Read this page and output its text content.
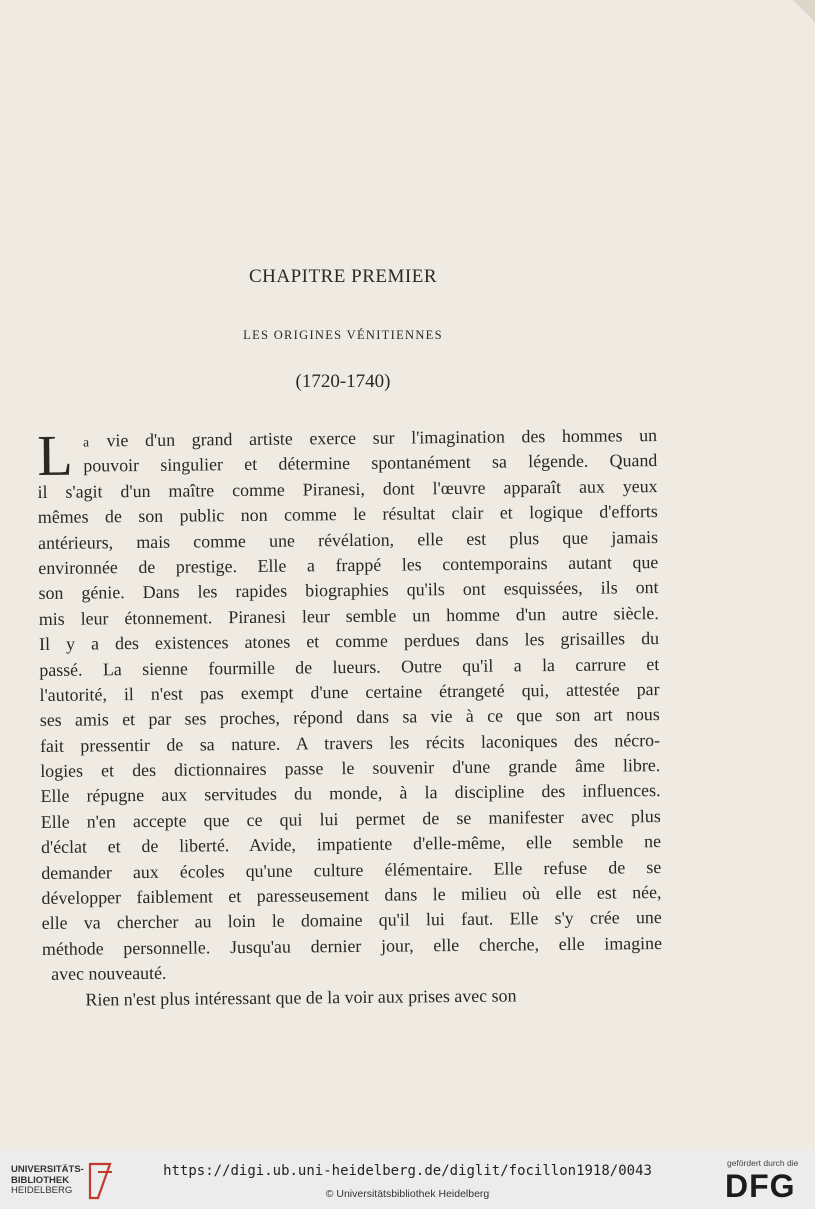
CHAPITRE PREMIER
LES ORIGINES VÉNITIENNES
(1720-1740)
L a vie d'un grand artiste exerce sur l'imagination des hommes un
pouvoir singulier et détermine spontanément sa légende. Quand
il s'agit d'un maître comme Piranesi, dont l'œuvre apparaît aux yeux
mêmes de son public non comme le résultat clair et logique d'efforts
antérieurs, mais comme une révélation, elle est plus que jamais
environnée de prestige. Elle a frappé les contemporains autant que
son génie. Dans les rapides biographies qu'ils ont esquissées, ils ont
mis leur étonnement. Piranesi leur semble un homme d'un autre siècle.
Il y a des existences atones et comme perdues dans les grisailles du
passé. La sienne fourmille de lueurs. Outre qu'il a la carrure et
l'autorité, il n'est pas exempt d'une certaine étrangeté qui, attestée par
ses amis et par ses proches, répond dans sa vie à ce que son art nous
fait pressentir de sa nature. A travers les récits laconiques des nécro-
logies et des dictionnaires passe le souvenir d'une grande âme libre.
Elle répugne aux servitudes du monde, à la discipline des influences.
Elle n'en accepte que ce qui lui permet de se manifester avec plus
d'éclat et de liberté. Avide, impatiente d'elle-même, elle semble ne
demander aux écoles qu'une culture élémentaire. Elle refuse de se
développer faiblement et paresseusement dans le milieu où elle est née,
elle va chercher au loin le domaine qu'il lui faut. Elle s'y crée une
méthode personnelle. Jusqu'au dernier jour, elle cherche, elle imagine
avec nouveauté.
Rien n'est plus intéressant que de la voir aux prises avec son
UNIVERSITÄTS-
BIBLIOTHEK
HEIDELBERG
https://digi.ub.uni-heidelberg.de/diglit/focillon1918/0043
© Universitätsbibliothek Heidelberg
gefördert durch die
DFG
